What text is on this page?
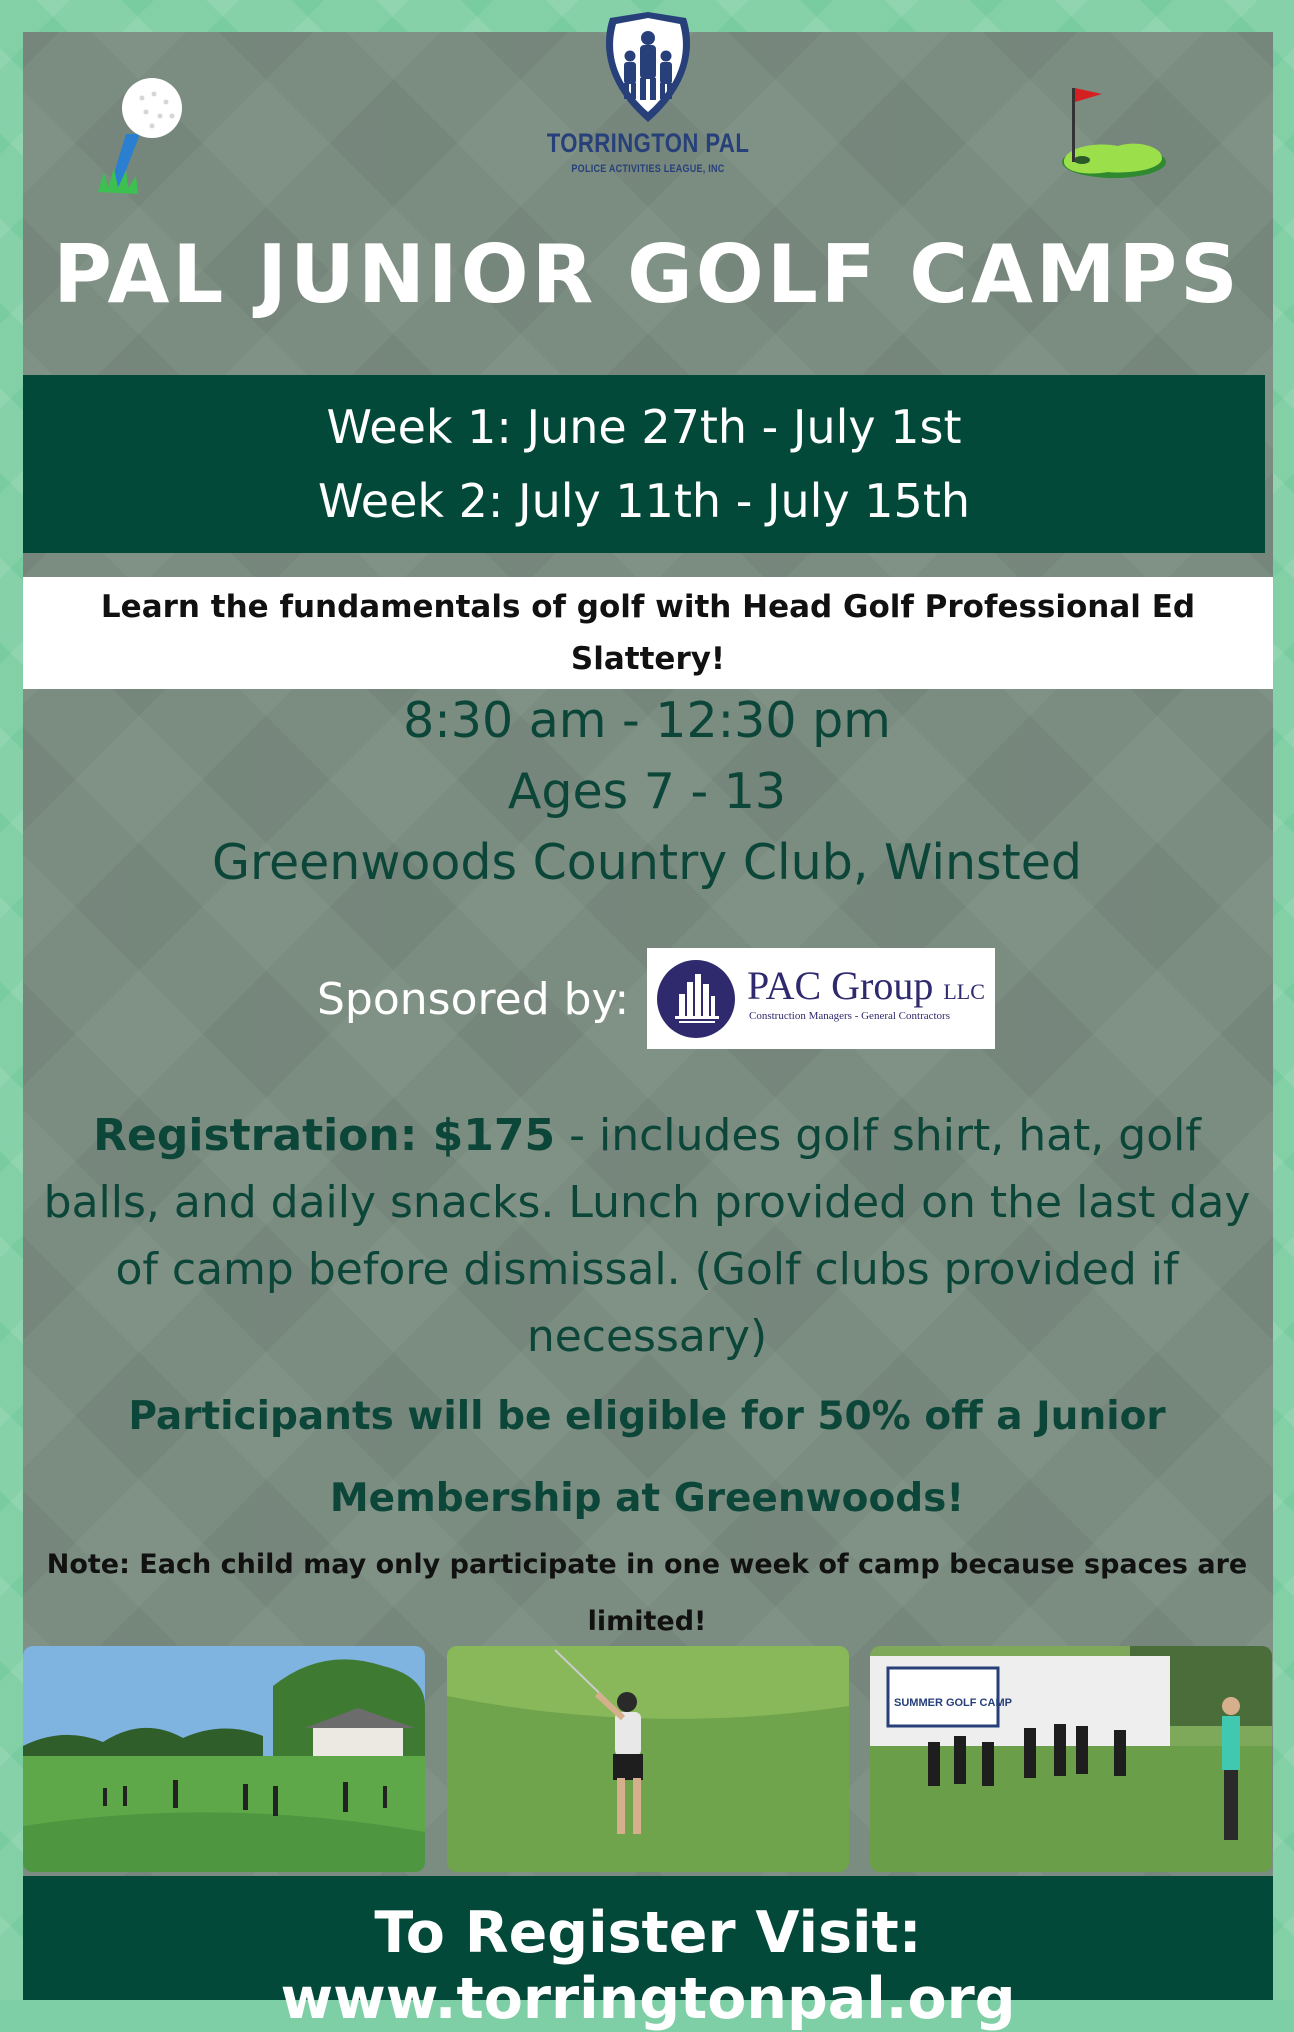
TORRINGTON PAL
POLICE ACTIVITIES LEAGUE, INC
PAL JUNIOR GOLF CAMPS
Week 1: June 27th - July 1st
Week 2: July 11th - July 15th
Learn the fundamentals of golf with Head Golf Professional Ed Slattery!
8:30 am - 12:30 pm
Ages 7 - 13
Greenwoods Country Club, Winsted
Sponsored by:	PAC Group LLC
Construction Managers - General Contractors
Registration: $175 - includes golf shirt, hat, golf balls, and daily snacks. Lunch provided on the last day of camp before dismissal. (Golf clubs provided if necessary)
Participants will be eligible for 50% off a Junior Membership at Greenwoods!
Note: Each child may only participate in one week of camp because spaces are limited!
SUMMER GOLF CAMP
To Register Visit: www.torringtonpal.org
